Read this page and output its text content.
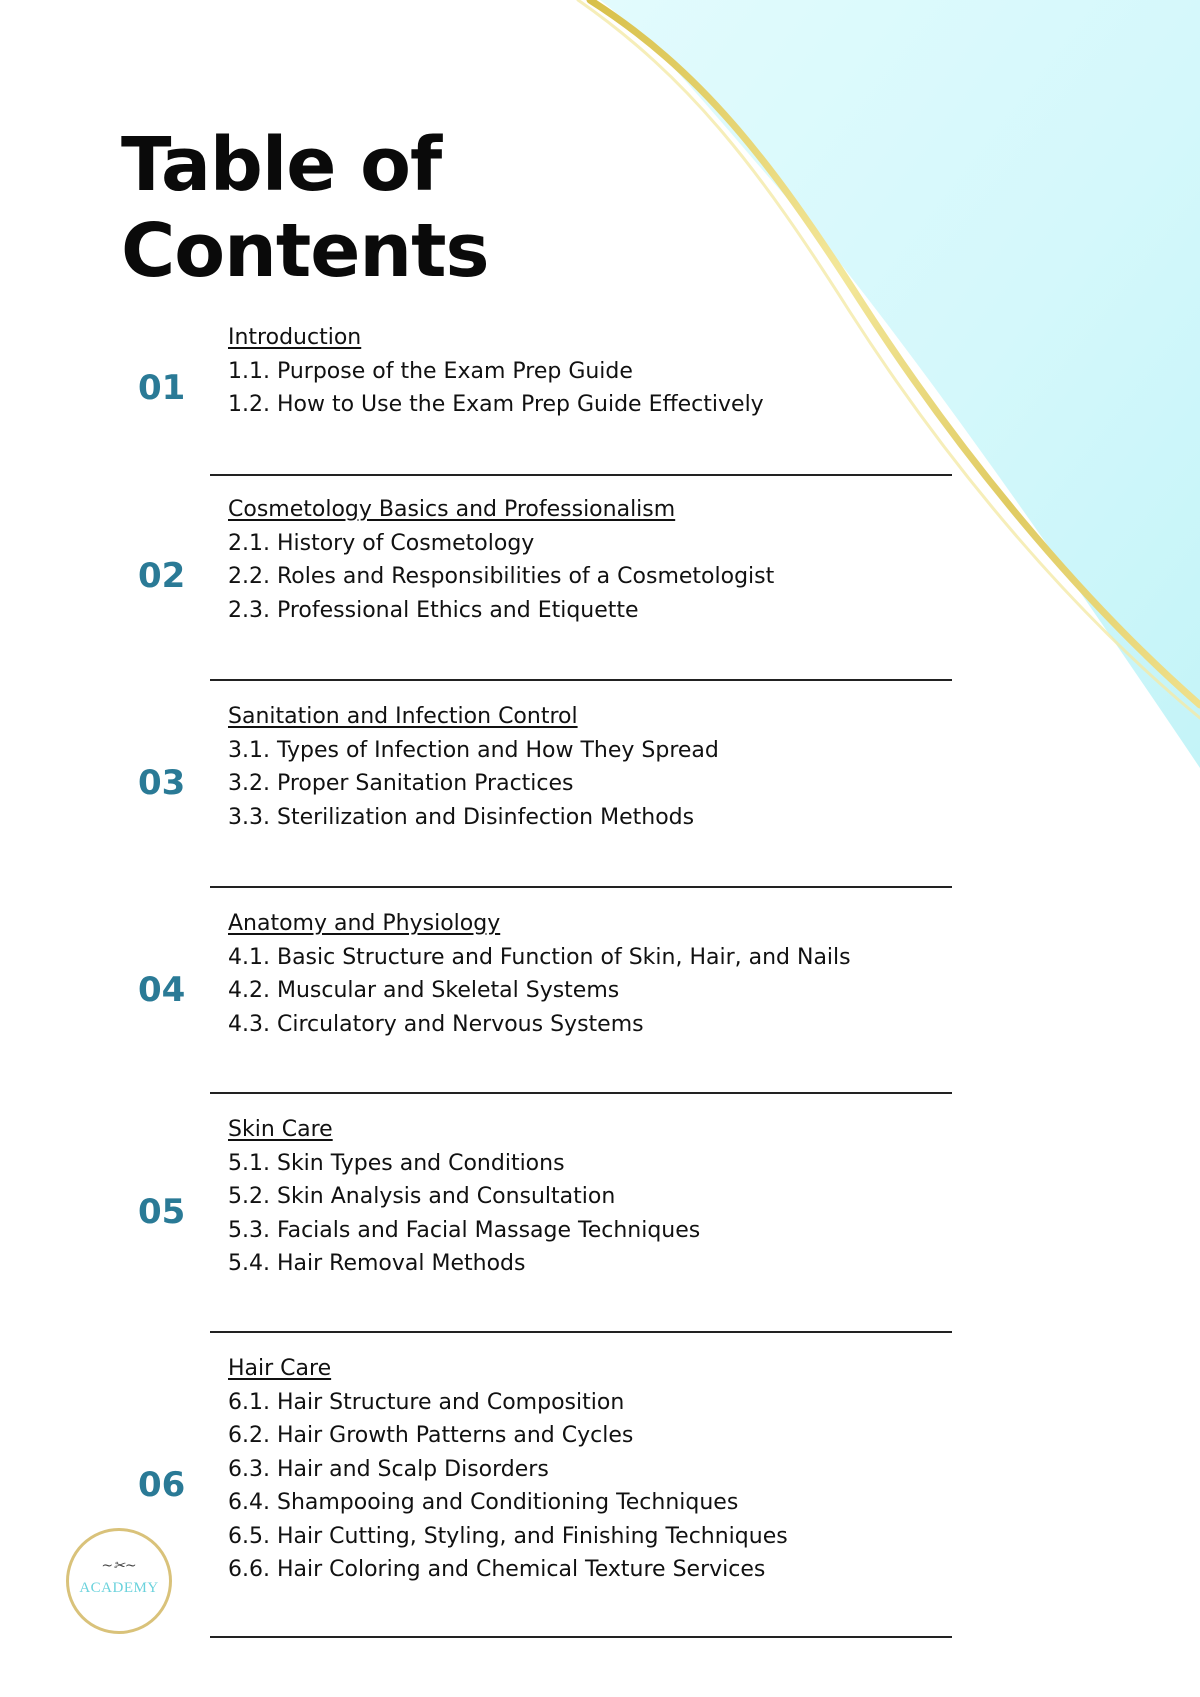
Table of
Contents
01
Introduction
1.1. Purpose of the Exam Prep Guide
1.2. How to Use the Exam Prep Guide Effectively
02
Cosmetology Basics and Professionalism
2.1. History of Cosmetology
2.2. Roles and Responsibilities of a Cosmetologist
2.3. Professional Ethics and Etiquette
03
Sanitation and Infection Control
3.1. Types of Infection and How They Spread
3.2. Proper Sanitation Practices
3.3. Sterilization and Disinfection Methods
04
Anatomy and Physiology
4.1. Basic Structure and Function of Skin, Hair, and Nails
4.2. Muscular and Skeletal Systems
4.3. Circulatory and Nervous Systems
05
Skin Care
5.1. Skin Types and Conditions
5.2. Skin Analysis and Consultation
5.3. Facials and Facial Massage Techniques
5.4. Hair Removal Methods
06
Hair Care
6.1. Hair Structure and Composition
6.2. Hair Growth Patterns and Cycles
6.3. Hair and Scalp Disorders
6.4. Shampooing and Conditioning Techniques
6.5. Hair Cutting, Styling, and Finishing Techniques
6.6. Hair Coloring and Chemical Texture Services
~✂~
ACADEMY
